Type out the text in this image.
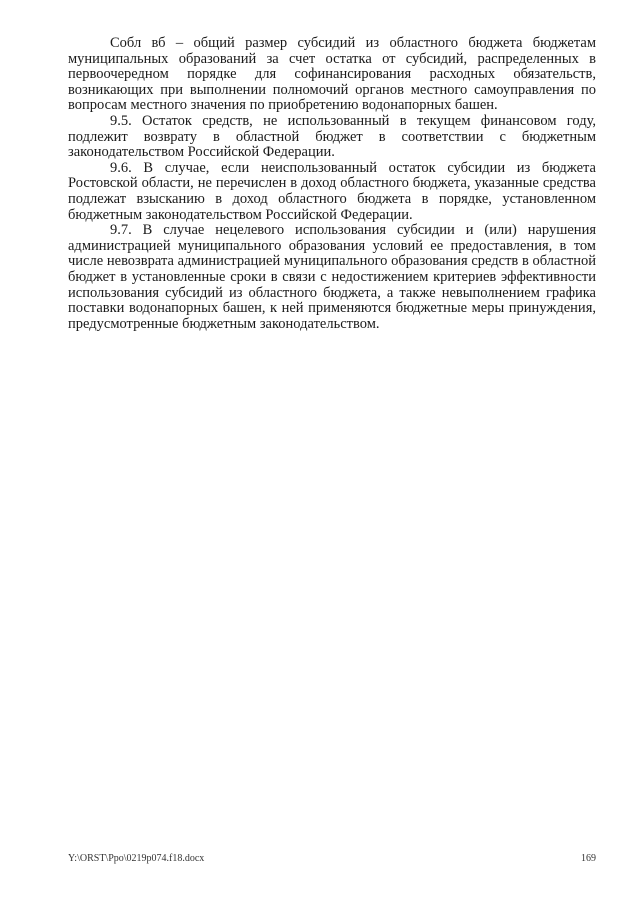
Собл вб – общий размер субсидий из областного бюджета бюджетам муниципальных образований за счет остатка от субсидий, распределенных в первоочередном порядке для софинансирования расходных обязательств, возникающих при выполнении полномочий органов местного самоуправления по вопросам местного значения по приобретению водонапорных башен.

9.5. Остаток средств, не использованный в текущем финансовом году, подлежит возврату в областной бюджет в соответствии с бюджетным законодательством Российской Федерации.

9.6. В случае, если неиспользованный остаток субсидии из бюджета Ростовской области, не перечислен в доход областного бюджета, указанные средства подлежат взысканию в доход областного бюджета в порядке, установленном бюджетным законодательством Российской Федерации.

9.7. В случае нецелевого использования субсидии и (или) нарушения администрацией муниципального образования условий ее предоставления, в том числе невозврата администрацией муниципального образования средств в областной бюджет в установленные сроки в связи с недостижением критериев эффективности использования субсидий из областного бюджета, а также невыполнением графика поставки водонапорных башен, к ней применяются бюджетные меры принуждения, предусмотренные бюджетным законодательством.

Y:\ORST\Ppo\0219p074.f18.docx	169
